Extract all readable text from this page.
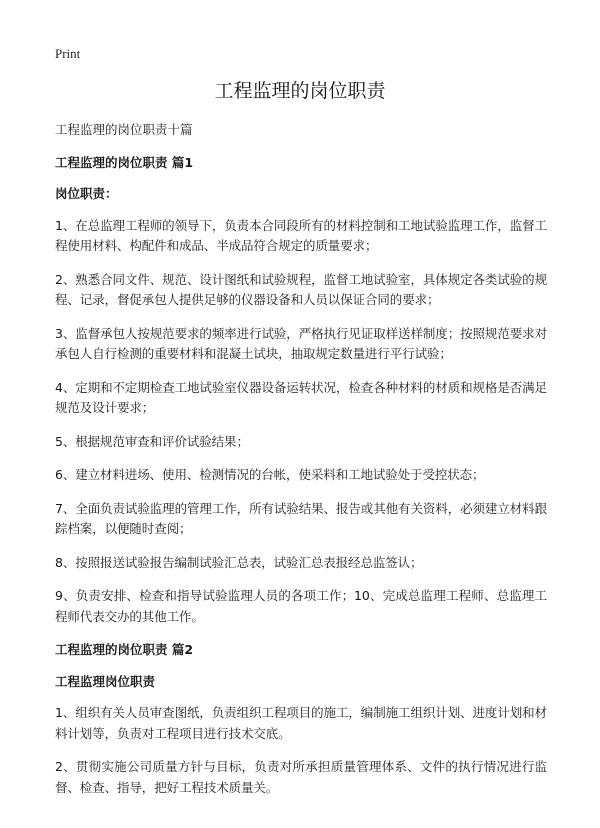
Print
工程监理的岗位职责

工程监理的岗位职责十篇

工程监理的岗位职责 篇1

岗位职责：

1、在总监理工程师的领导下，负责本合同段所有的材料控制和工地试验监理工作，监督工程使用材料、构配件和成品、半成品符合规定的质量要求；

2、熟悉合同文件、规范、设计图纸和试验规程，监督工地试验室，具体规定各类试验的规程、记录，督促承包人提供足够的仪器设备和人员以保证合同的要求；

3、监督承包人按规范要求的频率进行试验，严格执行见证取样送样制度；按照规范要求对承包人自行检测的重要材料和混凝土试块，抽取规定数量进行平行试验；

4、定期和不定期检查工地试验室仪器设备运转状况，检查各种材料的材质和规格是否满足规范及设计要求；

5、根据规范审查和评价试验结果；

6、建立材料进场、使用、检测情况的台帐，使采料和工地试验处于受控状态；

7、全面负责试验监理的管理工作，所有试验结果、报告或其他有关资料，必须建立材料跟踪档案，以便随时查阅；

8、按照报送试验报告编制试验汇总表，试验汇总表报经总监签认；

9、负责安排、检查和指导试验监理人员的各项工作；10、完成总监理工程师、总监理工程师代表交办的其他工作。

工程监理的岗位职责 篇2

工程监理岗位职责

1、组织有关人员审查图纸，负责组织工程项目的施工，编制施工组织计划、进度计划和材料计划等，负责对工程项目进行技术交底。

2、贯彻实施公司质量方针与目标，负责对所承担质量管理体系、文件的执行情况进行监督、检查、指导，把好工程技术质量关。
